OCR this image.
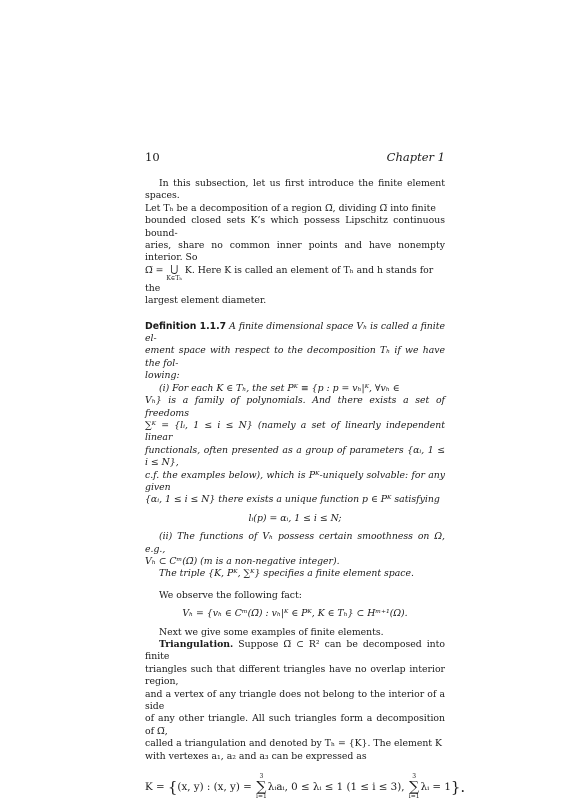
10	Chapter 1

In this subsection, let us first introduce the finite element spaces.

Let Tₕ be a decomposition of a region Ω̅, dividing Ω̅ into finite

bounded closed sets K’s which possess Lipschitz continuous bound-

aries, share no common inner points and have nonempty interior. So

Ω̅ = ⋃
K∈Tₕ
K. Here K is called an element of Tₕ and h stands for the

largest element diameter.

Definition 1.1.7 A finite dimensional space Vₕ is called a finite el-

ement space with respect to the decomposition Tₕ if we have the fol-

lowing:

(i) For each K ∈ Tₕ, the set Pᴷ ≡ {p : p = vₕ|ᴷ, ∀vₕ ∈

Vₕ} is a family of polynomials. And there exists a set of freedoms

∑ᴷ = {lᵢ, 1 ≤ i ≤ N} (namely a set of linearly independent linear

functionals, often presented as a group of parameters {αᵢ, 1 ≤ i ≤ N},

c.f. the examples below), which is Pᴷ-uniquely solvable: for any given

{αᵢ, 1 ≤ i ≤ N} there exists a unique function p ∈ Pᴷ satisfying

lᵢ(p) = αᵢ, 1 ≤ i ≤ N;

(ii) The functions of Vₕ possess certain smoothness on Ω, e.g.,

Vₕ ⊂ Cᵐ(Ω̅) (m is a non-negative integer).

The triple {K, Pᴷ, ∑ᴷ} specifies a finite element space.

We observe the following fact:

Vₕ = {vₕ ∈ Cᵐ(Ω̅) : vₕ|ᴷ ∈ Pᴷ, K ∈ Tₕ} ⊂ Hᵐ⁺¹(Ω).

Next we give some examples of finite elements.

Triangulation. Suppose Ω̅ ⊂ R² can be decomposed into finite

triangles such that different triangles have no overlap interior region,

and a vertex of any triangle does not belong to the interior of a side

of any other triangle. All such triangles form a decomposition of Ω̅,

called a triangulation and denoted by Tₕ = {K}. The element K

with vertexes a₁, a₂ and a₃ can be expressed as

K = {(x, y) : (x, y) =
3
∑
i=1
λᵢaᵢ, 0 ≤ λᵢ ≤ 1 (1 ≤ i ≤ 3),
3
∑
i=1
λᵢ = 1}.
